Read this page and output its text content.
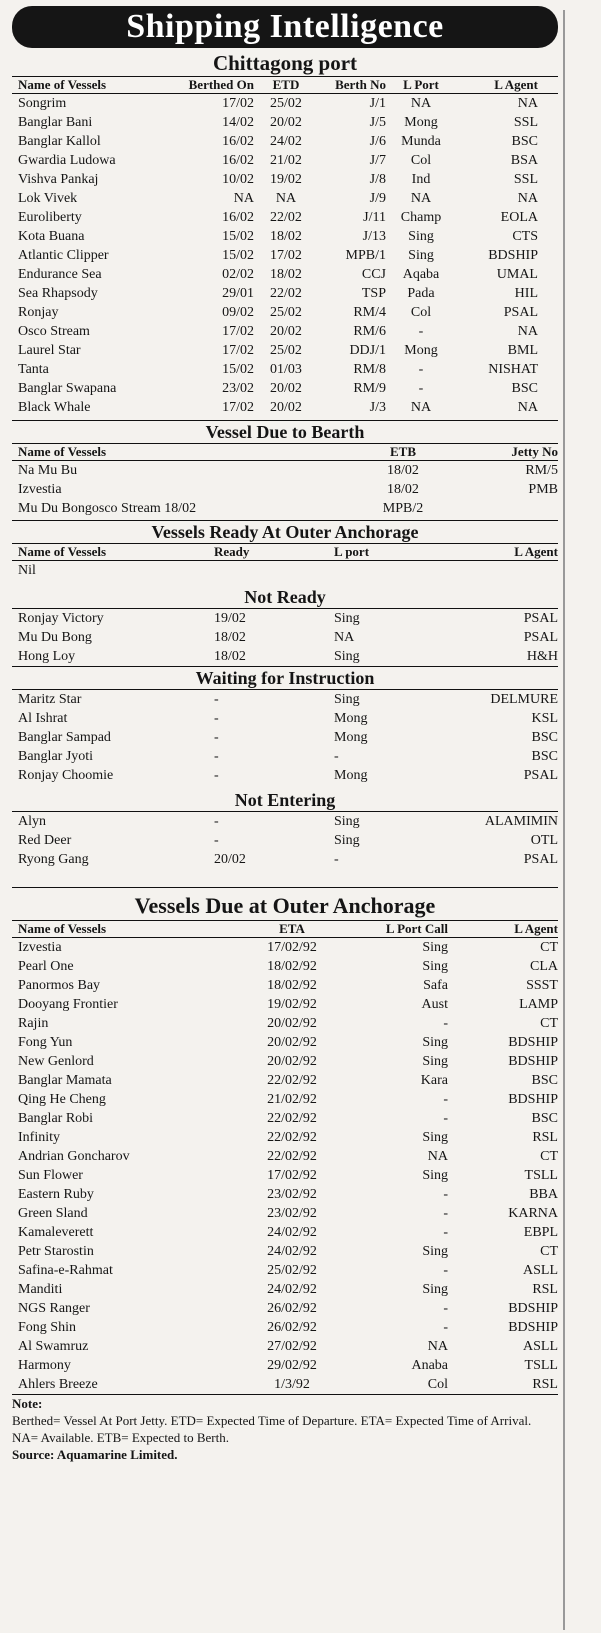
Shipping Intelligence
Chittagong port
Name of Vessels	Berthed On	ETD	Berth No	L Port	L Agent
Songrim	17/02	25/02	J/1	NA	NA
Banglar Bani	14/02	20/02	J/5	Mong	SSL
Banglar Kallol	16/02	24/02	J/6	Munda	BSC
Gwardia Ludowa	16/02	21/02	J/7	Col	BSA
Vishva Pankaj	10/02	19/02	J/8	Ind	SSL
Lok Vivek	NA	NA	J/9	NA	NA
Euroliberty	16/02	22/02	J/11	Champ	EOLA
Kota Buana	15/02	18/02	J/13	Sing	CTS
Atlantic Clipper	15/02	17/02	MPB/1	Sing	BDSHIP
Endurance Sea	02/02	18/02	CCJ	Aqaba	UMAL
Sea Rhapsody	29/01	22/02	TSP	Pada	HIL
Ronjay	09/02	25/02	RM/4	Col	PSAL
Osco Stream	17/02	20/02	RM/6	-	NA
Laurel Star	17/02	25/02	DDJ/1	Mong	BML
Tanta	15/02	01/03	RM/8	-	NISHAT
Banglar Swapana	23/02	20/02	RM/9	-	BSC
Black Whale	17/02	20/02	J/3	NA	NA
Vessel Due to Bearth
Name of Vessels	ETB	Jetty No
Na Mu Bu	18/02	RM/5
Izvestia	18/02	PMB
Mu Du Bongosco Stream 18/02	MPB/2
Vessels Ready At Outer Anchorage
Name of Vessels	Ready	L port	L Agent
Nil
Not Ready
Ronjay Victory	19/02	Sing	PSAL
Mu Du Bong	18/02	NA	PSAL
Hong Loy	18/02	Sing	H&H
Waiting for Instruction
Maritz Star	-	Sing	DELMURE
Al Ishrat	-	Mong	KSL
Banglar Sampad	-	Mong	BSC
Banglar Jyoti	-	-	BSC
Ronjay Choomie	-	Mong	PSAL
Not Entering
Alyn	-	Sing	ALAMIMIN
Red Deer	-	Sing	OTL
Ryong Gang	20/02	-	PSAL
Vessels Due at Outer Anchorage
Name of Vessels	ETA	L Port Call	L Agent
Izvestia	17/02/92	Sing	CT
Pearl One	18/02/92	Sing	CLA
Panormos Bay	18/02/92	Safa	SSST
Dooyang Frontier	19/02/92	Aust	LAMP
Rajin	20/02/92	-	CT
Fong Yun	20/02/92	Sing	BDSHIP
New Genlord	20/02/92	Sing	BDSHIP
Banglar Mamata	22/02/92	Kara	BSC
Qing He Cheng	21/02/92	-	BDSHIP
Banglar Robi	22/02/92	-	BSC
Infinity	22/02/92	Sing	RSL
Andrian Goncharov	22/02/92	NA	CT
Sun Flower	17/02/92	Sing	TSLL
Eastern Ruby	23/02/92	-	BBA
Green Sland	23/02/92	-	KARNA
Kamaleverett	24/02/92	-	EBPL
Petr Starostin	24/02/92	Sing	CT
Safina-e-Rahmat	25/02/92	-	ASLL
Manditi	24/02/92	Sing	RSL
NGS Ranger	26/02/92	-	BDSHIP
Fong Shin	26/02/92	-	BDSHIP
Al Swamruz	27/02/92	NA	ASLL
Harmony	29/02/92	Anaba	TSLL
Ahlers Breeze	1/3/92	Col	RSL
Note:
Berthed= Vessel At Port Jetty. ETD= Expected Time of Departure. ETA= Expected Time of Arrival. NA= Available. ETB= Expected to Berth.
Source: Aquamarine Limited.
